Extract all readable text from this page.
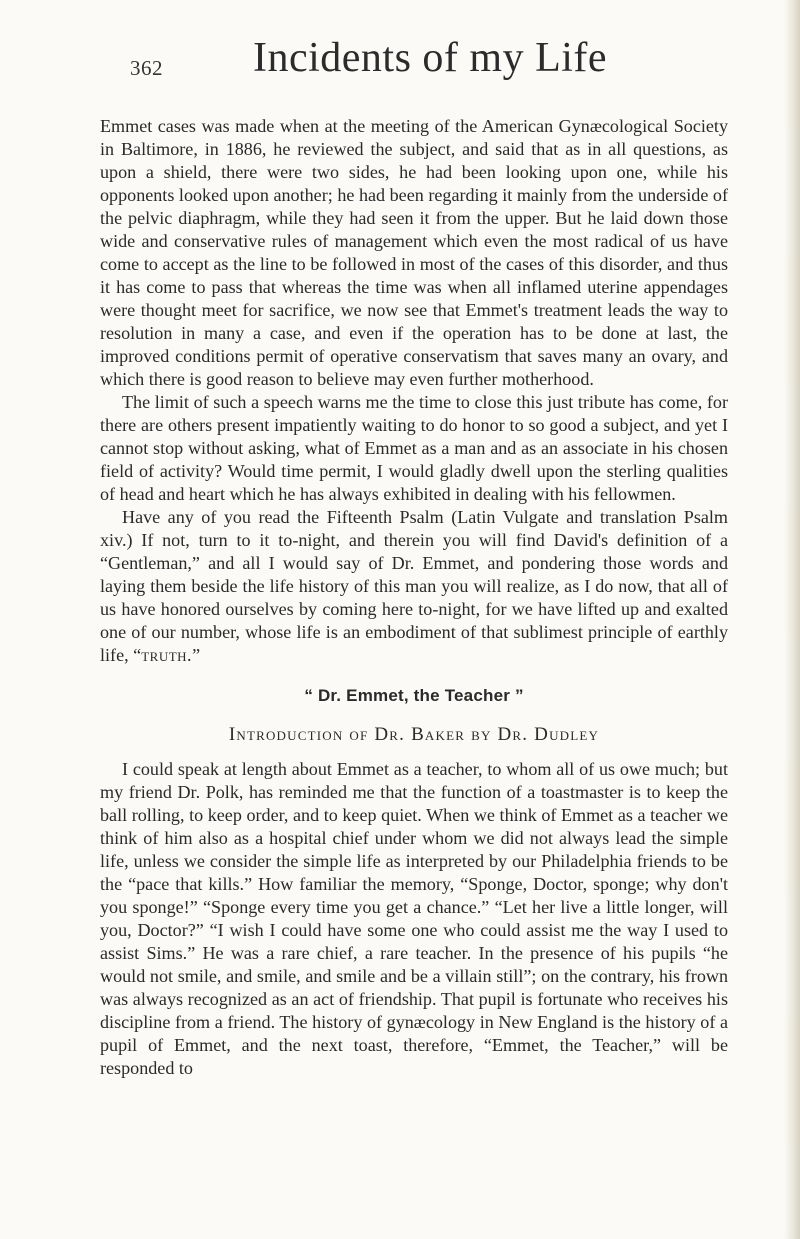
362	Incidents of my Life

Emmet cases was made when at the meeting of the American Gynæcological Society in Baltimore, in 1886, he reviewed the subject, and said that as in all questions, as upon a shield, there were two sides, he had been looking upon one, while his opponents looked upon another; he had been regarding it mainly from the underside of the pelvic diaphragm, while they had seen it from the upper. But he laid down those wide and conservative rules of management which even the most radical of us have come to accept as the line to be followed in most of the cases of this disorder, and thus it has come to pass that whereas the time was when all inflamed uterine appendages were thought meet for sacrifice, we now see that Emmet's treatment leads the way to resolution in many a case, and even if the operation has to be done at last, the improved conditions permit of operative conservatism that saves many an ovary, and which there is good reason to believe may even further motherhood.

The limit of such a speech warns me the time to close this just tribute has come, for there are others present impatiently waiting to do honor to so good a subject, and yet I cannot stop without asking, what of Emmet as a man and as an associate in his chosen field of activity? Would time permit, I would gladly dwell upon the sterling qualities of head and heart which he has always exhibited in dealing with his fellowmen.

Have any of you read the Fifteenth Psalm (Latin Vulgate and translation Psalm xiv.) If not, turn to it to-night, and therein you will find David's definition of a “Gentleman,” and all I would say of Dr. Emmet, and pondering those words and laying them beside the life history of this man you will realize, as I do now, that all of us have honored ourselves by coming here to-night, for we have lifted up and exalted one of our number, whose life is an embodiment of that sublimest principle of earthly life, “truth.”

“ Dr. Emmet, the Teacher ”
Introduction of Dr. Baker by Dr. Dudley

I could speak at length about Emmet as a teacher, to whom all of us owe much; but my friend Dr. Polk, has reminded me that the function of a toastmaster is to keep the ball rolling, to keep order, and to keep quiet. When we think of Emmet as a teacher we think of him also as a hospital chief under whom we did not always lead the simple life, unless we consider the simple life as interpreted by our Philadelphia friends to be the “pace that kills.” How familiar the memory, “Sponge, Doctor, sponge; why don't you sponge!” “Sponge every time you get a chance.” “Let her live a little longer, will you, Doctor?” “I wish I could have some one who could assist me the way I used to assist Sims.” He was a rare chief, a rare teacher. In the presence of his pupils “he would not smile, and smile, and smile and be a villain still”; on the contrary, his frown was always recognized as an act of friendship. That pupil is fortunate who receives his discipline from a friend. The history of gynæcology in New England is the history of a pupil of Emmet, and the next toast, therefore, “Emmet, the Teacher,” will be responded to
